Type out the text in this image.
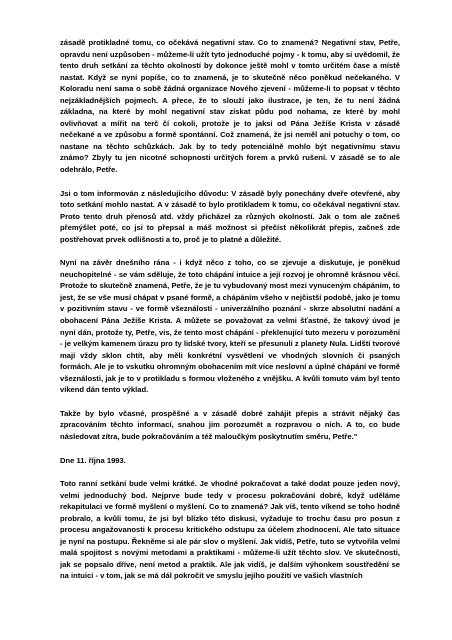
zásadě protikladné tomu, co očekává negativní stav. Co to znamená? Negativní stav, Petře, opravdu není uzpůsoben - můžeme-li užít tyto jednoduché pojmy - k tomu, aby si uvědomil, že tento druh setkání za těchto okolností by dokonce ještě mohl v tomto určitém čase a místě nastat. Když se nyní popíše, co to znamená, je to skutečně něco poněkud nečekaného. V Koloradu není sama o sobě žádná organizace Nového zjevení - můžeme-li to popsat v těchto nejzákladnějších pojmech. A přece, že to slouží jako ilustrace, je ten, že tu není žádná základna, na které by mohl negativní stav získat půdu pod nohama, ze které by mohl ovlivňovat a mířit na terč čí cokoli, protože je to jaksi od Pána Ježíše Krista v zásadě nečekané a ve způsobu a formě spontánní. Což znamená, že jsi neměl ani potuchy o tom, co nastane na těchto schůzkách. Jak by to tedy potenciálně mohlo být negativnímu stavu známo? Zbyly tu jen nicotné schopnosti určitých forem a prvků rušení. V zásadě se to ale odehrálo, Petře.

Jsi o tom informován z následujícího důvodu: V zásadě byly ponechány dveře otevřené, aby toto setkání mohlo nastat. A v zásadě to bylo protikladem k tomu, co očekával negativní stav. Proto tento druh přenosů atd. vždy přicházel za různých okolností. Jak o tom ale začneš přemýšlet poté, co jsi to přepsal a máš možnost si přečíst několikrát přepis, začneš zde postřehovat prvek odlišnosti a to, proč je to platné a důležité.

Nyní na závěr dnešního rána - i když něco z toho, co se zjevuje a diskutuje, je poněkud neuchopitelné - se vám sděluje, že toto chápání intuice a její rozvoj je ohromně krásnou věcí. Protože to skutečně znamená, Petře, že je tu vybudovaný most mezi vynuceným chápáním, to jest, že se vše musí chápat v psané formě, a chápáním všeho v nejčistší podobě, jako je tomu v pozitivním stavu - ve formě všeználosti - univerzálního poznání - skrze absolutní nadání a obohacení Pána Ježíše Krista. A můžete se považovat za velmi šťastné, že takový úvod je nyní dán, protože ty, Petře, vis, že tento most chápání - překlenující tuto mezeru v porozumění - je velkým kamenem úrazu pro ty lidské tvory, kteří se přesunuli z planety Nula. Lidští tvorové mají vždy sklon chtít, aby měli konkrétní vysvětlení ve vhodných slovních či psaných formách. Ale je to vskutku ohromným obohacením mít více neslovní a úplné chápání ve formě všeználosti, jak je to v protikladu s formou vloženého z vnějšku. A kvůli tomuto vám byl tento víkend dán tento výklad.

Takže by bylo včasné, prospěšné a v zásadě dobré zahájit přepis a strávit nějaký čas zpracováním těchto informací, snahou jim porozumět a rozpravou o nich. A to, co bude následovat zítra, bude pokračováním a též maloučkým poskytnutím směru, Petře."

Dne 11. října 1993.

Toto ranní setkání bude velmi krátké. Je vhodné pokračovat a také dodat pouze jeden nový, velmi jednoduchý bod. Nejprve bude tedy v procesu pokračování dobré, když uděláme rekapitulaci ve formě myšlení o myšlení. Co to znamená? Jak víš, tento víkend se toho hodně probralo, a kvůli tomu, že jsi byl blízko této diskusi, vyžaduje to trochu času pro posun z procesu angažovanosti k procesu kritického odstupu za účelem zhodnocení. Ale tato situace je nyní na postupu. Řekněme si ale pár slov o myšlení. Jak vidíš, Petře, tuto se vytvořila velmi malá spojitost s novými metodami a praktikami - můžeme-li užít těchto slov. Ve skutečnosti, jak se popsalo dříve, není metod a praktik. Ale jak vidíš, je dalším výhonkem soustředění se na intuici - v tom, jak se má dál pokročit ve smyslu jejího použití ve vašich vlastních
